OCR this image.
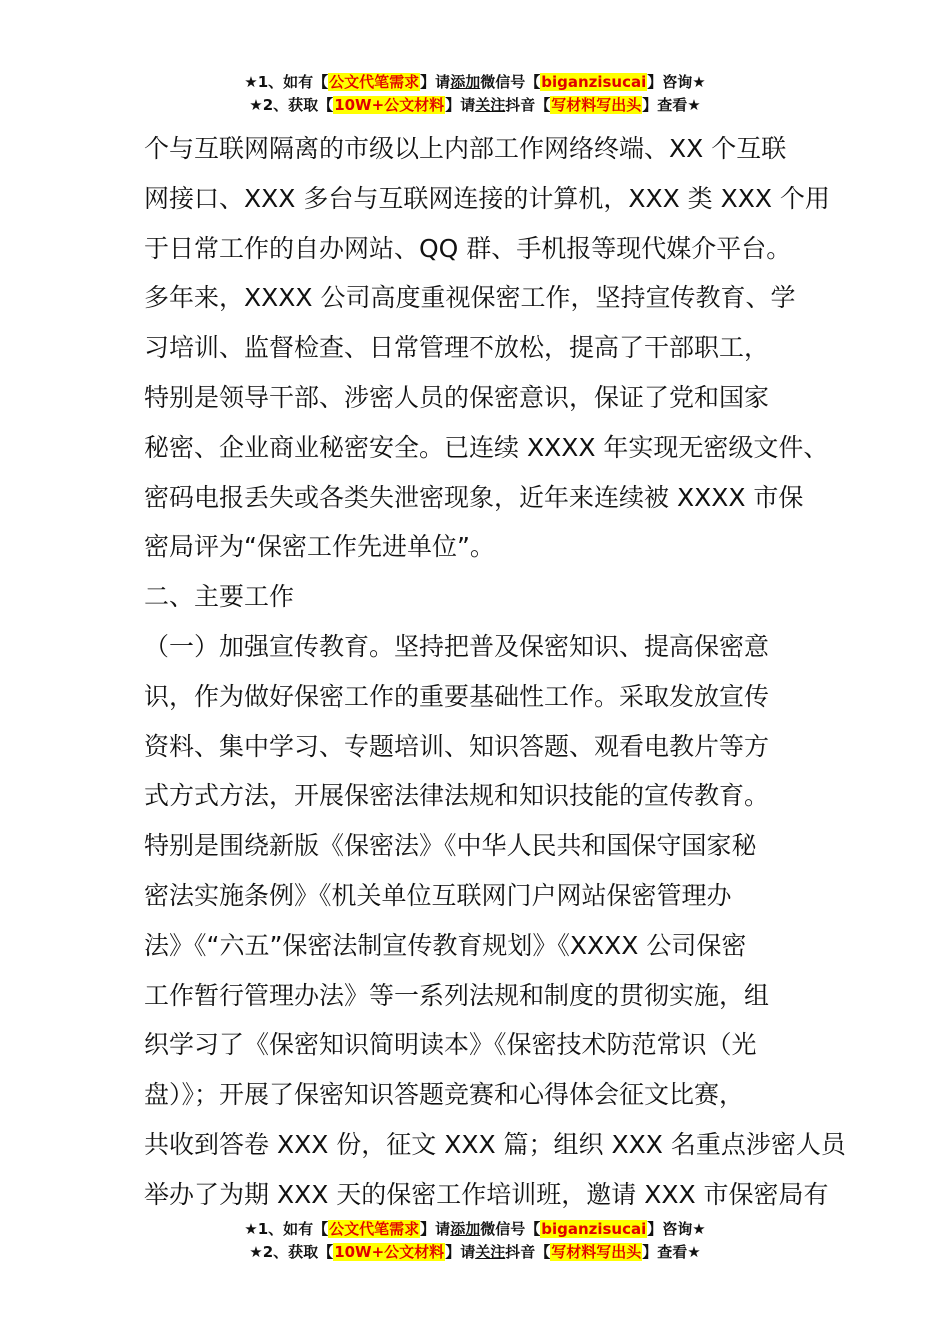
★1、如有【公文代笔需求】请添加微信号【biganzisucai】咨询★
★2、获取【10W+公文材料】请关注抖音【写材料写出头】查看★
个与互联网隔离的市级以上内部工作网络终端、XX 个互联
网接口、XXX 多台与互联网连接的计算机，XXX 类 XXX 个用
于日常工作的自办网站、QQ 群、手机报等现代媒介平台。
多年来，XXXX 公司高度重视保密工作，坚持宣传教育、学
习培训、监督检查、日常管理不放松，提高了干部职工，
特别是领导干部、涉密人员的保密意识，保证了党和国家
秘密、企业商业秘密安全。已连续 XXXX 年实现无密级文件、
密码电报丢失或各类失泄密现象，近年来连续被 XXXX 市保
密局评为“保密工作先进单位”。
二、主要工作
（一）加强宣传教育。坚持把普及保密知识、提高保密意
识，作为做好保密工作的重要基础性工作。采取发放宣传
资料、集中学习、专题培训、知识答题、观看电教片等方
式方式方法，开展保密法律法规和知识技能的宣传教育。
特别是围绕新版《保密法》《中华人民共和国保守国家秘
密法实施条例》《机关单位互联网门户网站保密管理办
法》《“六五”保密法制宣传教育规划》《XXXX 公司保密
工作暂行管理办法》等一系列法规和制度的贯彻实施，组
织学习了《保密知识简明读本》《保密技术防范常识（光
盘）》；开展了保密知识答题竞赛和心得体会征文比赛，
共收到答卷 XXX 份，征文 XXX 篇；组织 XXX 名重点涉密人员
举办了为期 XXX 天的保密工作培训班，邀请 XXX 市保密局有
★1、如有【公文代笔需求】请添加微信号【biganzisucai】咨询★
★2、获取【10W+公文材料】请关注抖音【写材料写出头】查看★
